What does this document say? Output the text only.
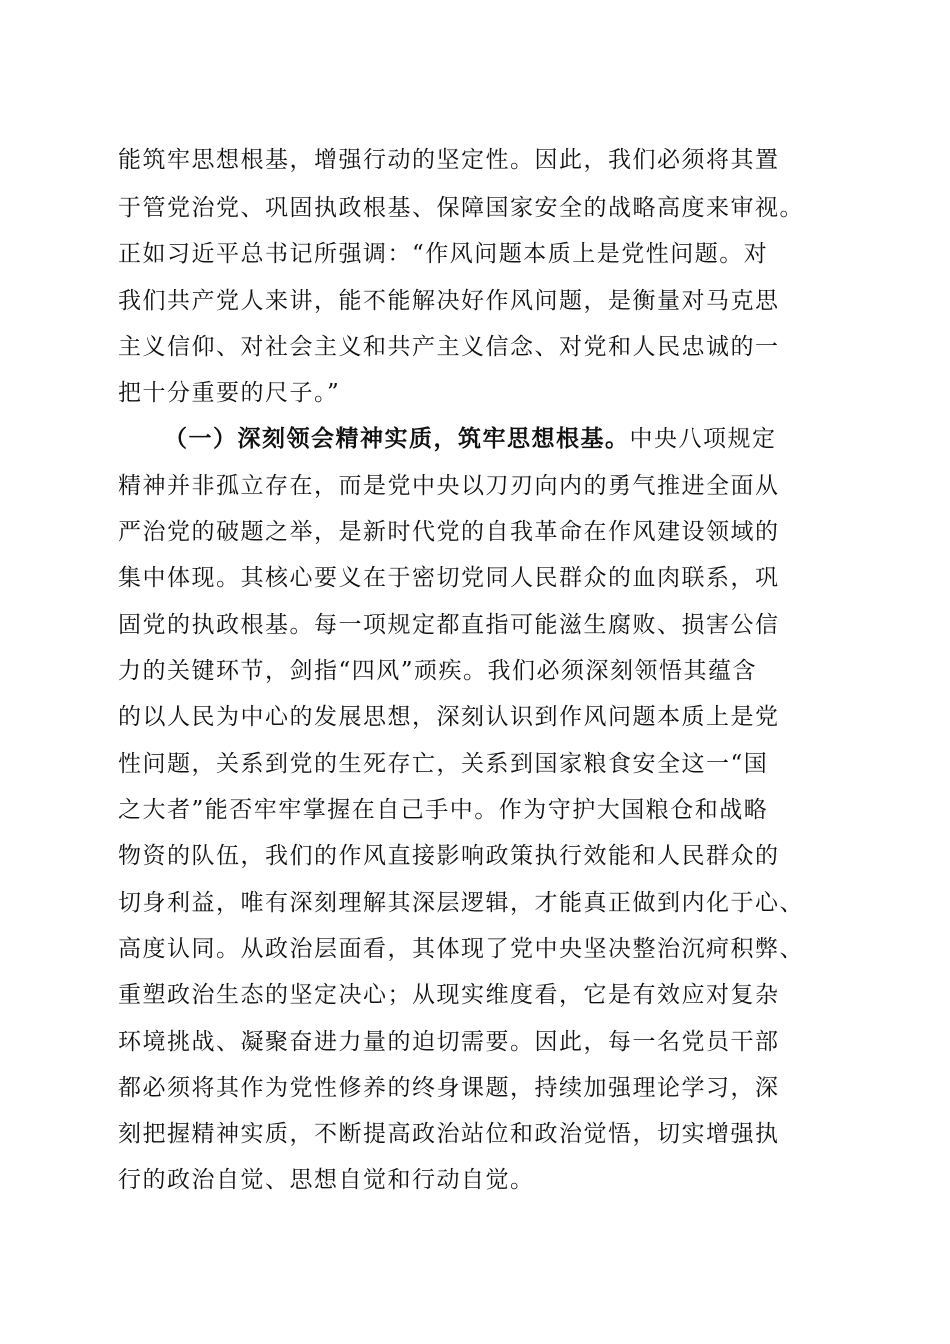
能筑牢思想根基，增强行动的坚定性。因此，我们必须将其置
于管党治党、巩固执政根基、保障国家安全的战略高度来审视。
正如习近平总书记所强调：“作风问题本质上是党性问题。对
我们共产党人来讲，能不能解决好作风问题，是衡量对马克思
主义信仰、对社会主义和共产主义信念、对党和人民忠诚的一
把十分重要的尺子。”
（一）深刻领会精神实质，筑牢思想根基。中央八项规定
精神并非孤立存在，而是党中央以刀刃向内的勇气推进全面从
严治党的破题之举，是新时代党的自我革命在作风建设领域的
集中体现。其核心要义在于密切党同人民群众的血肉联系，巩
固党的执政根基。每一项规定都直指可能滋生腐败、损害公信
力的关键环节，剑指“四风”顽疾。我们必须深刻领悟其蕴含
的以人民为中心的发展思想，深刻认识到作风问题本质上是党
性问题，关系到党的生死存亡，关系到国家粮食安全这一“国
之大者”能否牢牢掌握在自己手中。作为守护大国粮仓和战略
物资的队伍，我们的作风直接影响政策执行效能和人民群众的
切身利益，唯有深刻理解其深层逻辑，才能真正做到内化于心、
高度认同。从政治层面看，其体现了党中央坚决整治沉疴积弊、
重塑政治生态的坚定决心；从现实维度看，它是有效应对复杂
环境挑战、凝聚奋进力量的迫切需要。因此，每一名党员干部
都必须将其作为党性修养的终身课题，持续加强理论学习，深
刻把握精神实质，不断提高政治站位和政治觉悟，切实增强执
行的政治自觉、思想自觉和行动自觉。
